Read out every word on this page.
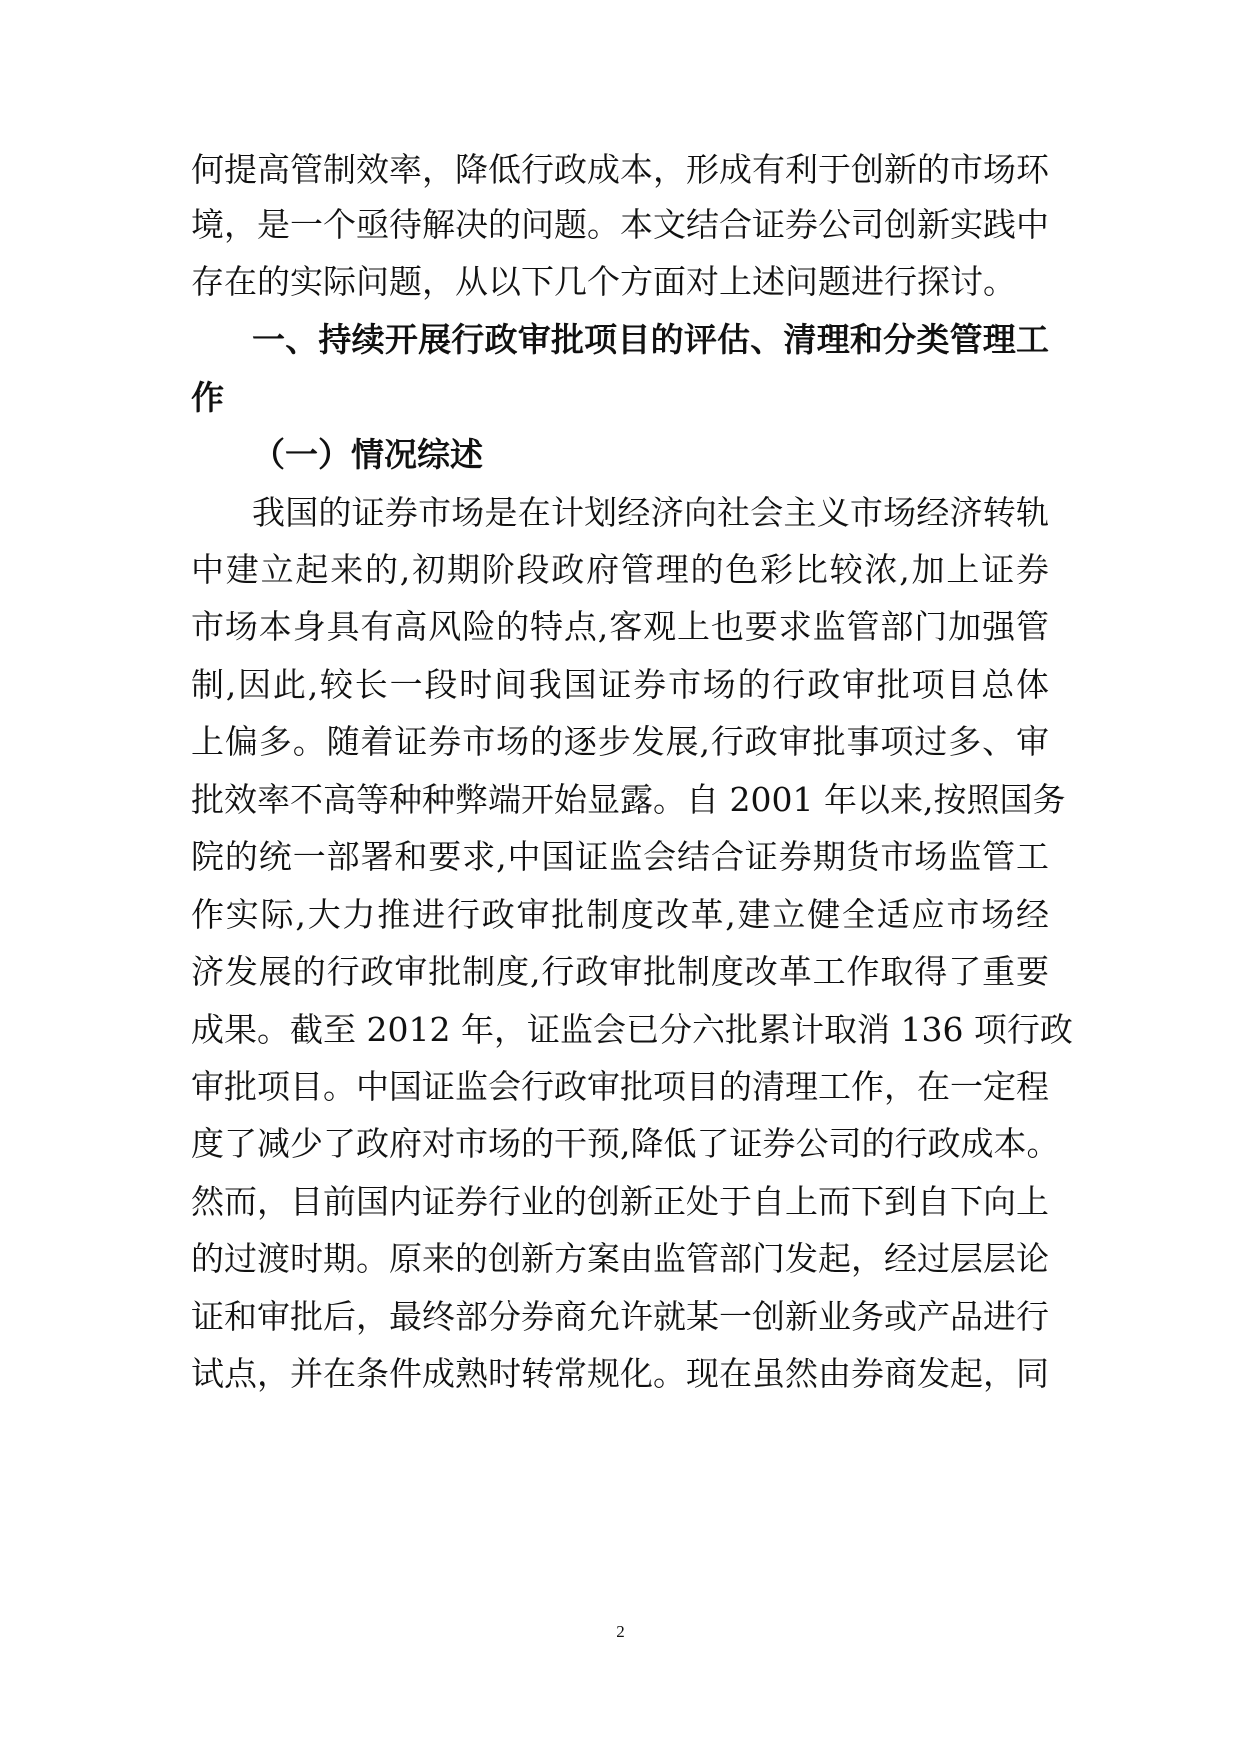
何提高管制效率，降低行政成本，形成有利于创新的市场环
境，是一个亟待解决的问题。本文结合证券公司创新实践中
存在的实际问题，从以下几个方面对上述问题进行探讨。
一、持续开展行政审批项目的评估、清理和分类管理工
作
（一）情况综述
我国的证券市场是在计划经济向社会主义市场经济转轨
中建立起来的,初期阶段政府管理的色彩比较浓,加上证券
市场本身具有高风险的特点,客观上也要求监管部门加强管
制,因此,较长一段时间我国证券市场的行政审批项目总体
上偏多。随着证券市场的逐步发展,行政审批事项过多、审
批效率不高等种种弊端开始显露。自 2001 年以来,按照国务
院的统一部署和要求,中国证监会结合证券期货市场监管工
作实际,大力推进行政审批制度改革,建立健全适应市场经
济发展的行政审批制度,行政审批制度改革工作取得了重要
成果。截至 2012 年，证监会已分六批累计取消 136 项行政
审批项目。中国证监会行政审批项目的清理工作，在一定程
度了减少了政府对市场的干预,降低了证券公司的行政成本。
然而，目前国内证券行业的创新正处于自上而下到自下向上
的过渡时期。原来的创新方案由监管部门发起，经过层层论
证和审批后，最终部分券商允许就某一创新业务或产品进行
试点，并在条件成熟时转常规化。现在虽然由券商发起，同
2
